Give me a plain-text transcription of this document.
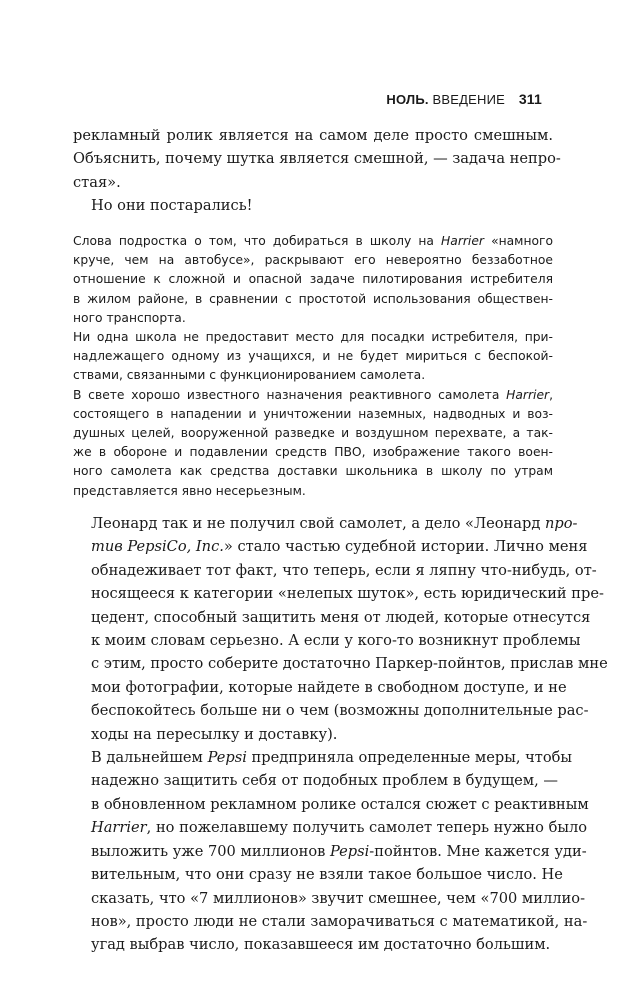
НОЛЬ. ВВЕДЕНИЕ 311

рекламный ролик является на самом деле просто смешным.
Объяснить, почему шутка является смешной, — задача непро-
стая».

Но они постарались!

Слова подростка о том, что добираться в школу на Harrier «намного
круче, чем на автобусе», раскрывают его невероятно беззаботное
отношение к сложной и опасной задаче пилотирования истребителя
в жилом районе, в сравнении с простотой использования обществен-
ного транспорта.

Ни одна школа не предоставит место для посадки истребителя, при-
надлежащего одному из учащихся, и не будет мириться с беспокой-
ствами, связанными с функционированием самолета.

В свете хорошо известного назначения реактивного самолета Harrier,
состоящего в нападении и уничтожении наземных, надводных и воз-
душных целей, вооруженной разведке и воздушном перехвате, а так-
же в обороне и подавлении средств ПВО, изображение такого воен-
ного самолета как средства доставки школьника в школу по утрам
представляется явно несерьезным.

Леонард так и не получил свой самолет, а дело «Леонард про-
тив PepsiCo, Inc.» стало частью судебной истории. Лично меня
обнадеживает тот факт, что теперь, если я ляпну что-нибудь, от-
носящееся к категории «нелепых шуток», есть юридический пре-
цедент, способный защитить меня от людей, которые отнесутся
к моим словам серьезно. А если у кого-то возникнут проблемы
с этим, просто соберите достаточно Паркер-пойнтов, прислав мне
мои фотографии, которые найдете в свободном доступе, и не
беспокойтесь больше ни о чем (возможны дополнительные рас-
ходы на пересылку и доставку).

В дальнейшем Pepsi предприняла определенные меры, чтобы
надежно защитить себя от подобных проблем в будущем, —
в обновленном рекламном ролике остался сюжет с реактивным
Harrier, но пожелавшему получить самолет теперь нужно было
выложить уже 700 миллионов Pepsi-пойнтов. Мне кажется уди-
вительным, что они сразу не взяли такое большое число. Не
сказать, что «7 миллионов» звучит смешнее, чем «700 миллио-
нов», просто люди не стали заморачиваться с математикой, на-
угад выбрав число, показавшееся им достаточно большим.
